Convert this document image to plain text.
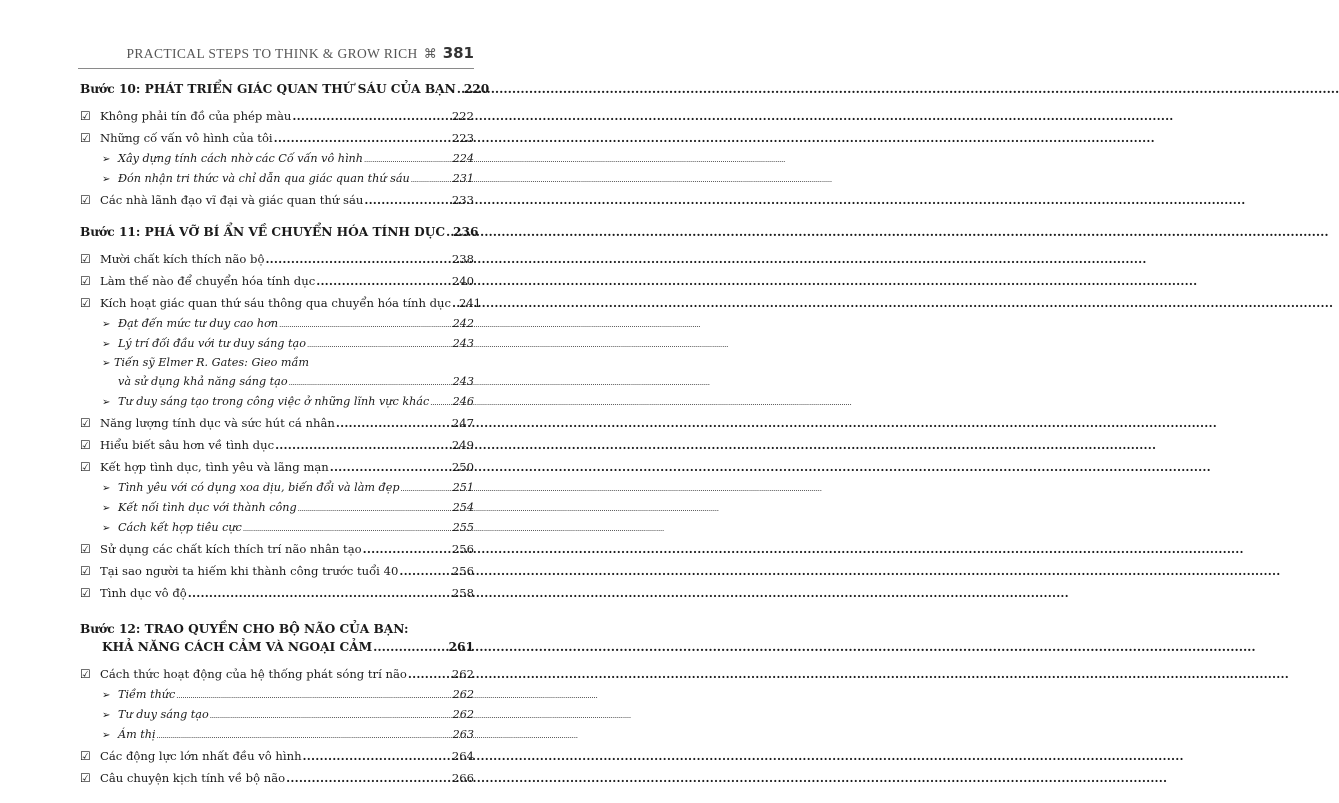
PRACTICAL STEPS TO THINK & GROW RICH ⌘ 381
Bước 10: PHÁT TRIỂN GIÁC QUAN THỨ SÁU CỦA BẠN ..... 220
☑ Không phải tín đồ của phép màu .....	222
☑ Những cố vấn vô hình của tôi .....	223
➢ Xây dựng tính cách nhờ các Cố vấn vô hình .....	224
➢ Đón nhận tri thức và chỉ dẫn qua giác quan thứ sáu .....	231
☑ Các nhà lãnh đạo vĩ đại và giác quan thứ sáu .....	233
Bước 11: PHÁ VỠ BÍ ẨN VỀ CHUYỂN HÓA TÍNH DỤC ..... 236
☑ Mười chất kích thích não bộ .....	238
☑ Làm thế nào để chuyển hóa tính dục .....	240
☑ Kích hoạt giác quan thứ sáu thông qua chuyển hóa tính dục ..... 241
➢ Đạt đến mức tư duy cao hơn .....	242
➢ Lý trí đối đầu với tư duy sáng tạo .....	243
➢ Tiến sỹ Elmer R. Gates: Gieo mầm
và sử dụng khả năng sáng tạo .....	243
➢ Tư duy sáng tạo trong công việc ở những lĩnh vực khác ..... 246
☑ Năng lượng tính dục và sức hút cá nhân .....	247
☑ Hiểu biết sâu hơn về tình dục .....	249
☑ Kết hợp tình dục, tình yêu và lãng mạn .....	250
➢ Tình yêu với có dụng xoa dịu, biến đổi và làm đẹp .....	251
➢ Kết nối tình dục với thành công .....	254
➢ Cách kết hợp tiêu cực .....	255
☑ Sử dụng các chất kích thích trí não nhân tạo .....	256
☑ Tại sao người ta hiếm khi thành công trước tuổi 40 .....	256
☑ Tình dục vô độ .....	258
Bước 12: TRAO QUYỀN CHO BỘ NÃO CỦA BẠN:
KHẢ NĂNG CÁCH CẢM VÀ NGOẠI CẢM .....	261
☑ Cách thức hoạt động của hệ thống phát sóng trí não .....	262
➢ Tiềm thức .....	262
➢ Tư duy sáng tạo .....	262
➢ Ám thị .....	263
☑ Các động lực lớn nhất đều vô hình .....	264
☑ Câu chuyện kịch tính về bộ não .....	266
